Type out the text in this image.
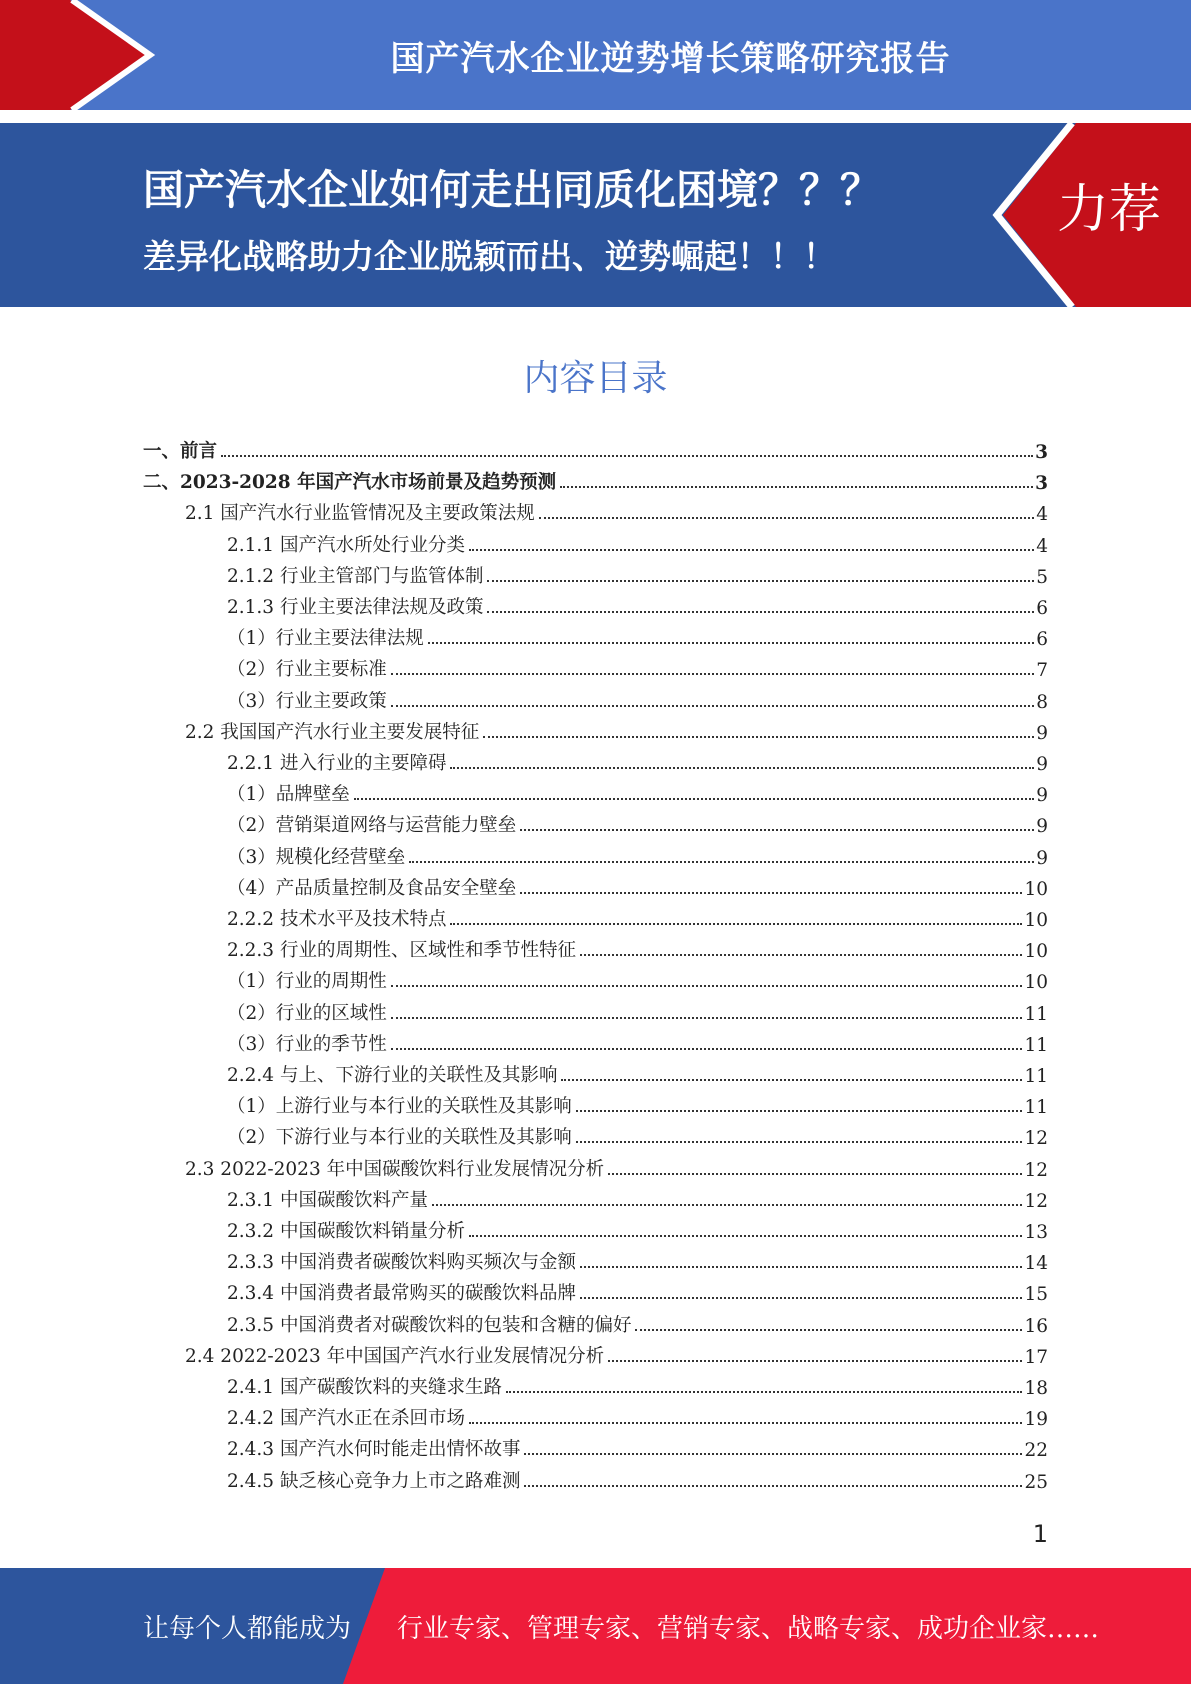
国产汽水企业逆势增长策略研究报告
国产汽水企业如何走出同质化困境？？？
差异化战略助力企业脱颖而出、逆势崛起！！！
力荐
内容目录
一、前言	3
二、2023-2028 年国产汽水市场前景及趋势预测	3
2.1 国产汽水行业监管情况及主要政策法规	4
2.1.1 国产汽水所处行业分类	4
2.1.2 行业主管部门与监管体制	5
2.1.3 行业主要法律法规及政策	6
（1）行业主要法律法规	6
（2）行业主要标准	7
（3）行业主要政策	8
2.2 我国国产汽水行业主要发展特征	9
2.2.1 进入行业的主要障碍	9
（1）品牌壁垒	9
（2）营销渠道网络与运营能力壁垒	9
（3）规模化经营壁垒	9
（4）产品质量控制及食品安全壁垒	10
2.2.2 技术水平及技术特点	10
2.2.3 行业的周期性、区域性和季节性特征	10
（1）行业的周期性	10
（2）行业的区域性	11
（3）行业的季节性	11
2.2.4 与上、下游行业的关联性及其影响	11
（1）上游行业与本行业的关联性及其影响	11
（2）下游行业与本行业的关联性及其影响	12
2.3 2022-2023 年中国碳酸饮料行业发展情况分析	12
2.3.1 中国碳酸饮料产量	12
2.3.2 中国碳酸饮料销量分析	13
2.3.3 中国消费者碳酸饮料购买频次与金额	14
2.3.4 中国消费者最常购买的碳酸饮料品牌	15
2.3.5 中国消费者对碳酸饮料的包装和含糖的偏好	16
2.4 2022-2023 年中国国产汽水行业发展情况分析	17
2.4.1 国产碳酸饮料的夹缝求生路	18
2.4.2 国产汽水正在杀回市场	19
2.4.3 国产汽水何时能走出情怀故事	22
2.4.5 缺乏核心竞争力上市之路难测	25
1
让每个人都能成为 行业专家、管理专家、营销专家、战略专家、成功企业家……
